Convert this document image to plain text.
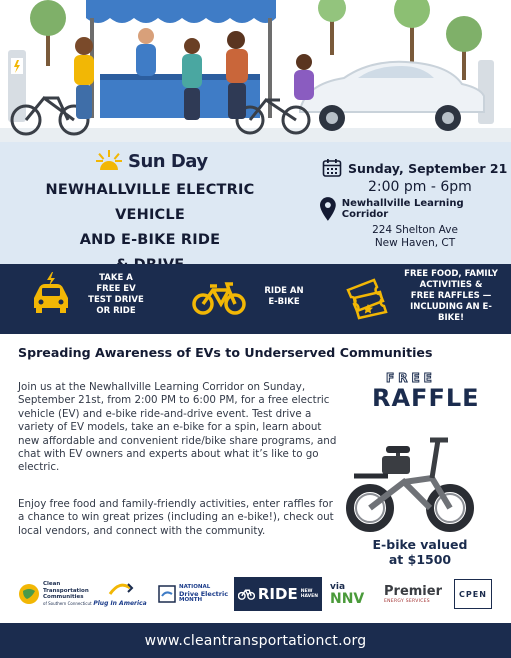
Sun Day
NEWHALLVILLE ELECTRIC VEHICLE
AND E-BIKE RIDE
Sunday, September 21
2:00 pm - 6pm
Newhallville Learning Corridor
224 Shelton Ave
New Haven, CT
TAKE A
FREE EV
TEST DRIVE
OR RIDE
RIDE AN
E-BIKE
FREE FOOD, FAMILY
ACTIVITIES &
FREE RAFFLES —
INCLUDING AN E-
BIKE!
Spreading Awareness of EVs to Underserved Communities
Join us at the Newhallville Learning Corridor on Sunday, September 21st, from 2:00 PM to 6:00 PM, for a free electric vehicle (EV) and e-bike ride-and-drive event. Test drive a variety of EV models, take an e-bike for a spin, learn about new affordable and convenient ride/bike share programs, and chat with EV owners and experts about what it’s like to go electric.
Enjoy free food and family-friendly activities, enter raffles for a chance to win great prizes (including an e-bike!), check out local vendors, and connect with the community.
FREE
RAFFLE
E-bike valued
at $1500
Clean
Transportation
Communities
of Southern Connecticut Plug In America
NATIONAL
Drive Electric
MONTH	RIDE NEW
HAVEN
via
NNV Premier
ENERGY SERVICES
CPEN
www.cleantransportationct.org
